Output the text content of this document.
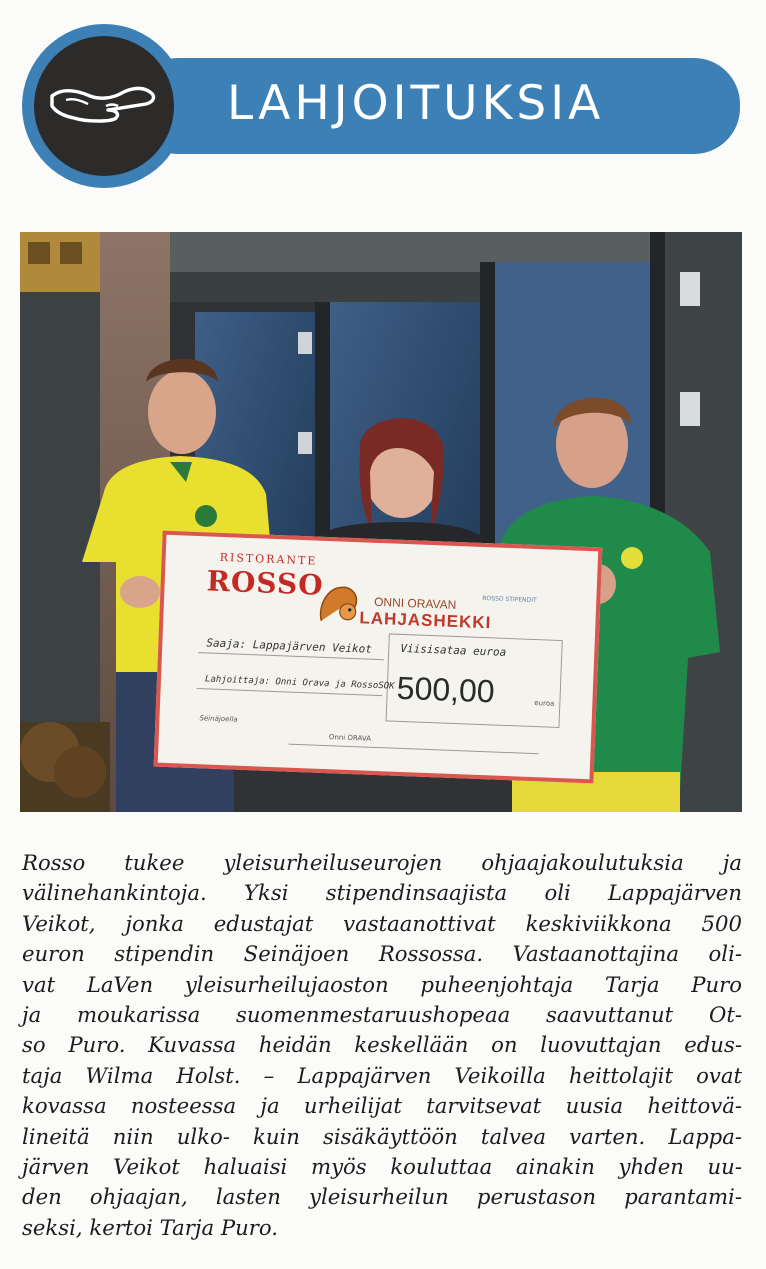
LAHJOITUKSIA
RISTORANTE
ROSSO
ONNI ORAVAN
LAHJASHEKKI
ROSSO STIPENDIT
Saaja: Lappajärven Veikot	Viisisataa euroa
Lahjoittaja: Onni Orava ja RossoSOK 500,00	euroa
Seinäjoella
Onni ORAVA
Rosso tukee yleisurheiluseurojen ohjaajakoulutuksia ja
välinehankintoja. Yksi stipendinsaajista oli Lappajärven
Veikot, jonka edustajat vastaanottivat keskiviikkona 500
euron stipendin Seinäjoen Rossossa. Vastaanottajina oli-
vat LaVen yleisurheilujaoston puheenjohtaja Tarja Puro
ja moukarissa suomenmestaruushopeaa saavuttanut Ot-
so Puro. Kuvassa heidän keskellään on luovuttajan edus-
taja Wilma Holst. – Lappajärven Veikoilla heittolajit ovat
kovassa nosteessa ja urheilijat tarvitsevat uusia heittovä-
lineitä niin ulko- kuin sisäkäyttöön talvea varten. Lappa-
järven Veikot haluaisi myös kouluttaa ainakin yhden uu-
den ohjaajan, lasten yleisurheilun perustason parantami-
seksi, kertoi Tarja Puro.
